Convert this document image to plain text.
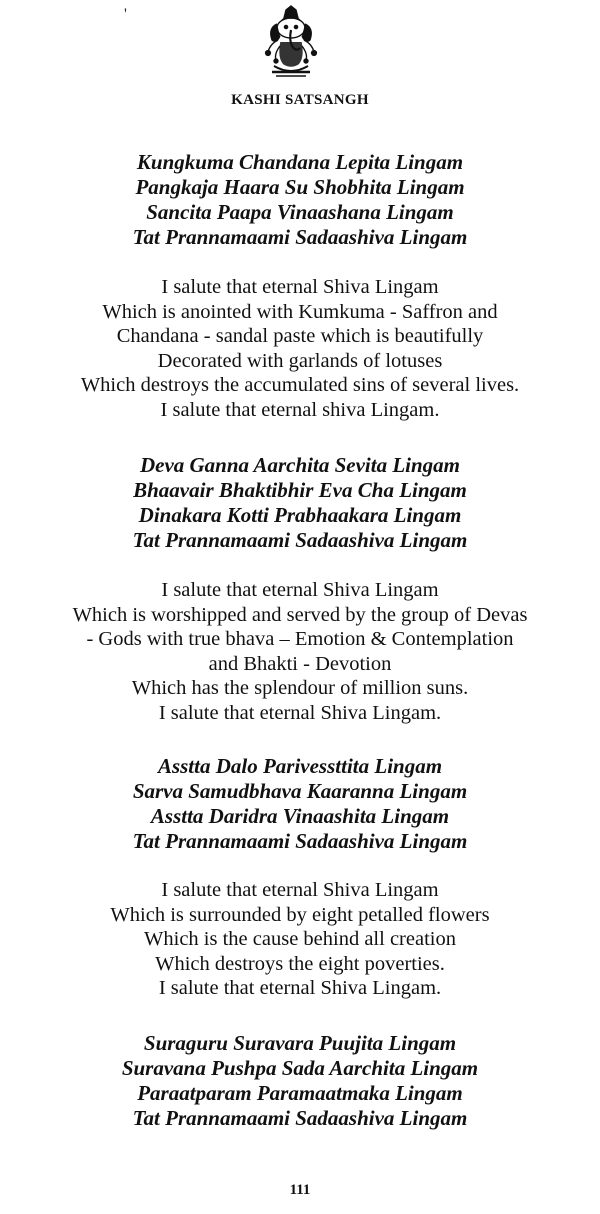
'
KASHI SATSANGH
Kungkuma Chandana Lepita Lingam
Pangkaja Haara Su Shobhita Lingam
Sancita Paapa Vinaashana Lingam
Tat Prannamaami Sadaashiva Lingam
I salute that eternal Shiva Lingam
Which is anointed with Kumkuma - Saffron and
Chandana - sandal paste which is beautifully
Decorated with garlands of lotuses
Which destroys the accumulated sins of several lives.
I salute that eternal shiva Lingam.
Deva Ganna Aarchita Sevita Lingam
Bhaavair Bhaktibhir Eva Cha Lingam
Dinakara Kotti Prabhaakara Lingam
Tat Prannamaami Sadaashiva Lingam
I salute that eternal Shiva Lingam
Which is worshipped and served by the group of Devas
- Gods with true bhava – Emotion & Contemplation
and Bhakti - Devotion
Which has the splendour of million suns.
I salute that eternal Shiva Lingam.
Asstta Dalo Parivessttita Lingam
Sarva Samudbhava Kaaranna Lingam
Asstta Daridra Vinaashita Lingam
Tat Prannamaami Sadaashiva Lingam
I salute that eternal Shiva Lingam
Which is surrounded by eight petalled flowers
Which is the cause behind all creation
Which destroys the eight poverties.
I salute that eternal Shiva Lingam.
Suraguru Suravara Puujita Lingam
Suravana Pushpa Sada Aarchita Lingam
Paraatparam Paramaatmaka Lingam
Tat Prannamaami Sadaashiva Lingam
111
